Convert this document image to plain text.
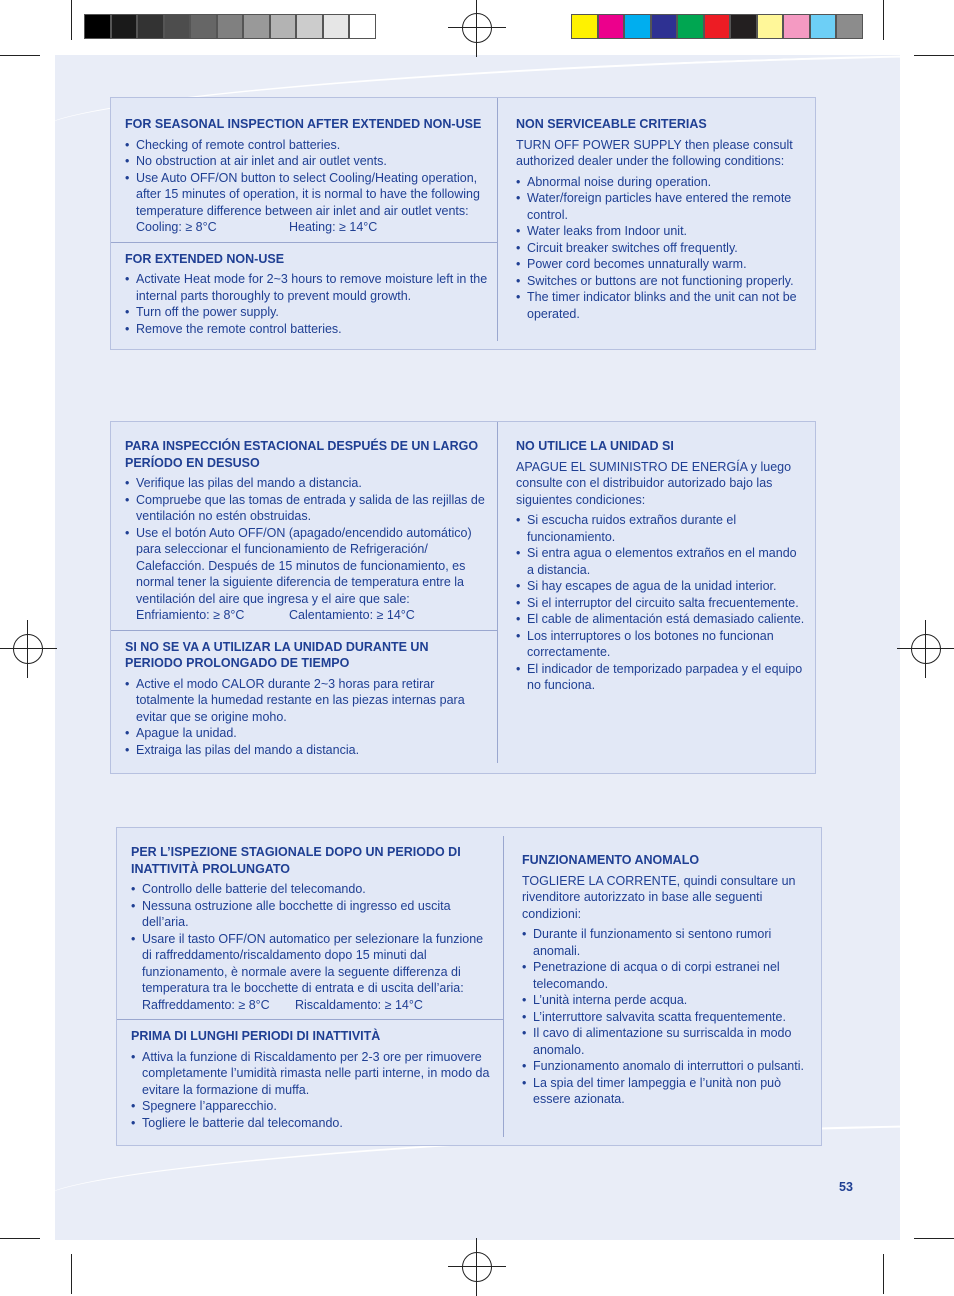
FOR SEASONAL INSPECTION AFTER EXTENDED NON-USE
• Checking of remote control batteries.
• No obstruction at air inlet and air outlet vents.
• Use Auto OFF/ON button to select Cooling/Heating operation, after 15 minutes of operation, it is normal to have the following temperature difference between air inlet and air outlet vents:
Cooling: ≥ 8°C	Heating: ≥ 14°C
FOR EXTENDED NON-USE
• Activate Heat mode for 2~3 hours to remove moisture left in the internal parts thoroughly to prevent mould growth.
• Turn off the power supply.
• Remove the remote control batteries.
NON SERVICEABLE CRITERIAS

TURN OFF POWER SUPPLY then please consult authorized dealer under the following conditions:

• Abnormal noise during operation.
• Water/foreign particles have entered the remote control.
• Water leaks from Indoor unit.
• Circuit breaker switches off frequently.
• Power cord becomes unnaturally warm.
• Switches or buttons are not functioning properly.
• The timer indicator blinks and the unit can not be operated.
PARA INSPECCIÓN ESTACIONAL DESPUÉS DE UN LARGO PERÍODO EN DESUSO
• Verifique las pilas del mando a distancia.
• Compruebe que las tomas de entrada y salida de las rejillas de ventilación no estén obstruidas.
• Use el botón Auto OFF/ON (apagado/encendido automático) para seleccionar el funcionamiento de Refrigeración/ Calefacción. Después de 15 minutos de funcionamiento, es normal tener la siguiente diferencia de temperatura entre la ventilación del aire que ingresa y el aire que sale:
Enfriamiento: ≥ 8°C	Calentamiento: ≥ 14°C
SI NO SE VA A UTILIZAR LA UNIDAD DURANTE UN PERIODO PROLONGADO DE TIEMPO
• Active el modo CALOR durante 2~3 horas para retirar totalmente la humedad restante en las piezas internas para evitar que se origine moho.
• Apague la unidad.
• Extraiga las pilas del mando a distancia.
NO UTILICE LA UNIDAD SI

APAGUE EL SUMINISTRO DE ENERGÍA y luego consulte con el distribuidor autorizado bajo las siguientes condiciones:

• Si escucha ruidos extraños durante el funcionamiento.
• Si entra agua o elementos extraños en el mando a distancia.
• Si hay escapes de agua de la unidad interior.
• Si el interruptor del circuito salta frecuentemente.
• El cable de alimentación está demasiado caliente.
• Los interruptores o los botones no funcionan correctamente.
• El indicador de temporizado parpadea y el equipo no funciona.
PER L’ISPEZIONE STAGIONALE DOPO UN PERIODO DI INATTIVITÀ PROLUNGATO
• Controllo delle batterie del telecomando.
• Nessuna ostruzione alle bocchette di ingresso ed uscita dell’aria.
• Usare il tasto OFF/ON automatico per selezionare la funzione di raffreddamento/riscaldamento dopo 15 minuti dal funzionamento, è normale avere la seguente differenza di temperatura tra le bocchette di entrata e di uscita dell’aria:
Raffreddamento: ≥ 8°C Riscaldamento: ≥ 14°C
PRIMA DI LUNGHI PERIODI DI INATTIVITÀ
• Attiva la funzione di Riscaldamento per 2-3 ore per rimuovere completamente l’umidità rimasta nelle parti interne, in modo da evitare la formazione di muffa.
• Spegnere l’apparecchio.
• Togliere le batterie dal telecomando.
FUNZIONAMENTO ANOMALO

TOGLIERE LA CORRENTE, quindi consultare un rivenditore autorizzato in base alle seguenti condizioni:

• Durante il funzionamento si sentono rumori anomali.
• Penetrazione di acqua o di corpi estranei nel telecomando.
• L’unità interna perde acqua.
• L’interruttore salvavita scatta frequentemente.
• Il cavo di alimentazione su surriscalda in modo anomalo.
• Funzionamento anomalo di interruttori o pulsanti.
• La spia del timer lampeggia e l’unità non può essere azionata.
53
